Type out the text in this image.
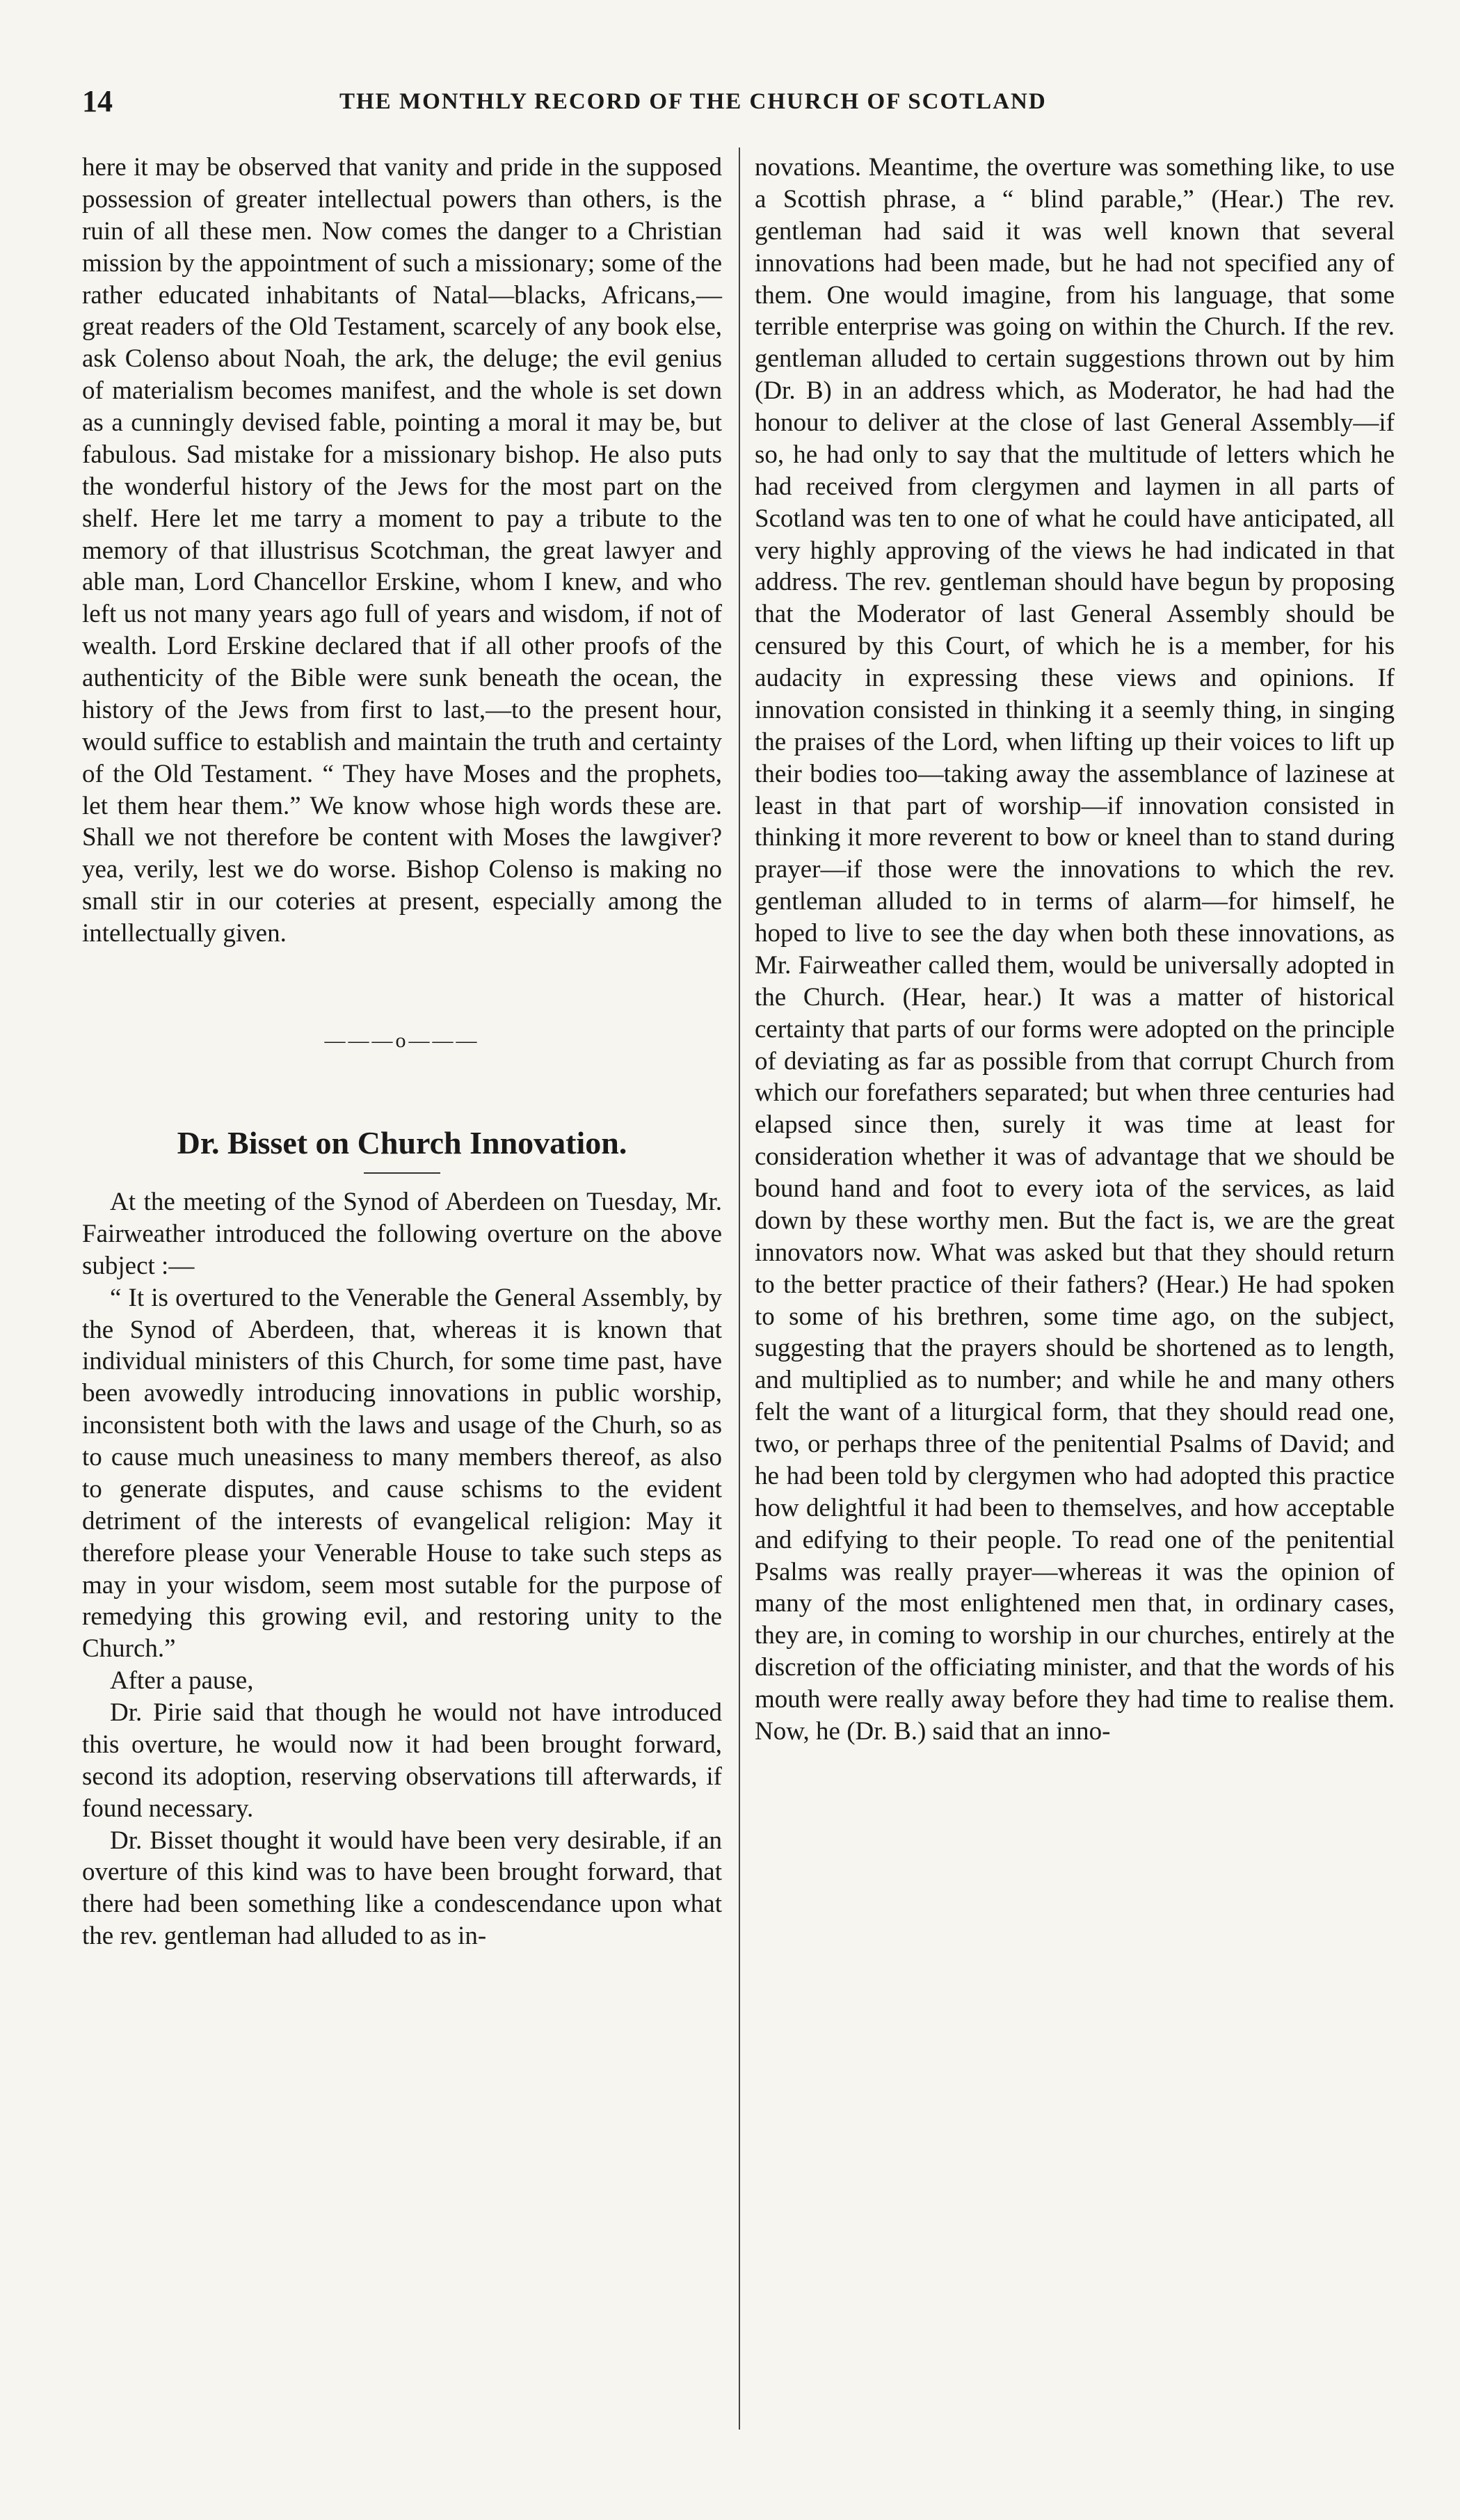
14	THE MONTHLY RECORD OF THE CHURCH OF SCOTLAND

here it may be observed that vanity and pride in the supposed possession of greater intellectual powers than others, is the ruin of all these men. Now comes the danger to a Christian mission by the appointment of such a missionary; some of the rather educated inhabitants of Natal—blacks, Africans,—great readers of the Old Testament, scarcely of any book else, ask Colenso about Noah, the ark, the deluge; the evil genius of materialism becomes manifest, and the whole is set down as a cunningly devised fable, pointing a moral it may be, but fabulous. Sad mistake for a missionary bishop. He also puts the wonderful history of the Jews for the most part on the shelf. Here let me tarry a moment to pay a tribute to the memory of that illustrisus Scotchman, the great lawyer and able man, Lord Chancellor Erskine, whom I knew, and who left us not many years ago full of years and wisdom, if not of wealth. Lord Erskine declared that if all other proofs of the authenticity of the Bible were sunk beneath the ocean, the history of the Jews from first to last,—to the present hour, would suffice to establish and maintain the truth and certainty of the Old Testament. “ They have Moses and the prophets, let them hear them.” We know whose high words these are. Shall we not therefore be content with Moses the lawgiver? yea, verily, lest we do worse. Bishop Colenso is making no small stir in our coteries at present, especially among the intellectually given.

———o———
Dr. Bisset on Church Innovation.

At the meeting of the Synod of Aberdeen on Tuesday, Mr. Fairweather introduced the following overture on the above subject :—

“ It is overtured to the Venerable the General Assembly, by the Synod of Aberdeen, that, whereas it is known that individual ministers of this Church, for some time past, have been avowedly introducing innovations in public worship, inconsistent both with the laws and usage of the Churh, so as to cause much uneasiness to many members thereof, as also to generate disputes, and cause schisms to the evident detriment of the interests of evangelical religion: May it therefore please your Venerable House to take such steps as may in your wisdom, seem most sutable for the purpose of remedying this growing evil, and restoring unity to the Church.”

After a pause,

Dr. Pirie said that though he would not have introduced this overture, he would now it had been brought forward, second its adoption, reserving observations till afterwards, if found necessary.

Dr. Bisset thought it would have been very desirable, if an overture of this kind was to have been brought forward, that there had been something like a condescendance upon what the rev. gentleman had alluded to as in-

novations. Meantime, the overture was something like, to use a Scottish phrase, a “ blind parable,” (Hear.) The rev. gentleman had said it was well known that several innovations had been made, but he had not specified any of them. One would imagine, from his language, that some terrible enterprise was going on within the Church. If the rev. gentleman alluded to certain suggestions thrown out by him (Dr. B) in an address which, as Moderator, he had had the honour to deliver at the close of last General Assembly—if so, he had only to say that the multitude of letters which he had received from clergymen and laymen in all parts of Scotland was ten to one of what he could have anticipated, all very highly approving of the views he had indicated in that address. The rev. gentleman should have begun by proposing that the Moderator of last General Assembly should be censured by this Court, of which he is a member, for his audacity in expressing these views and opinions. If innovation consisted in thinking it a seemly thing, in singing the praises of the Lord, when lifting up their voices to lift up their bodies too—taking away the assemblance of lazinese at least in that part of worship—if innovation consisted in thinking it more reverent to bow or kneel than to stand during prayer—if those were the innovations to which the rev. gentleman alluded to in terms of alarm—for himself, he hoped to live to see the day when both these innovations, as Mr. Fairweather called them, would be universally adopted in the Church. (Hear, hear.) It was a matter of historical certainty that parts of our forms were adopted on the principle of deviating as far as possible from that corrupt Church from which our forefathers separated; but when three centuries had elapsed since then, surely it was time at least for consideration whether it was of advantage that we should be bound hand and foot to every iota of the services, as laid down by these worthy men. But the fact is, we are the great innovators now. What was asked but that they should return to the better practice of their fathers? (Hear.) He had spoken to some of his brethren, some time ago, on the subject, suggesting that the prayers should be shortened as to length, and multiplied as to number; and while he and many others felt the want of a liturgical form, that they should read one, two, or perhaps three of the penitential Psalms of David; and he had been told by clergymen who had adopted this practice how delightful it had been to themselves, and how acceptable and edifying to their people. To read one of the penitential Psalms was really prayer—whereas it was the opinion of many of the most enlightened men that, in ordinary cases, they are, in coming to worship in our churches, entirely at the discretion of the officiating minister, and that the words of his mouth were really away before they had time to realise them. Now, he (Dr. B.) said that an inno-
